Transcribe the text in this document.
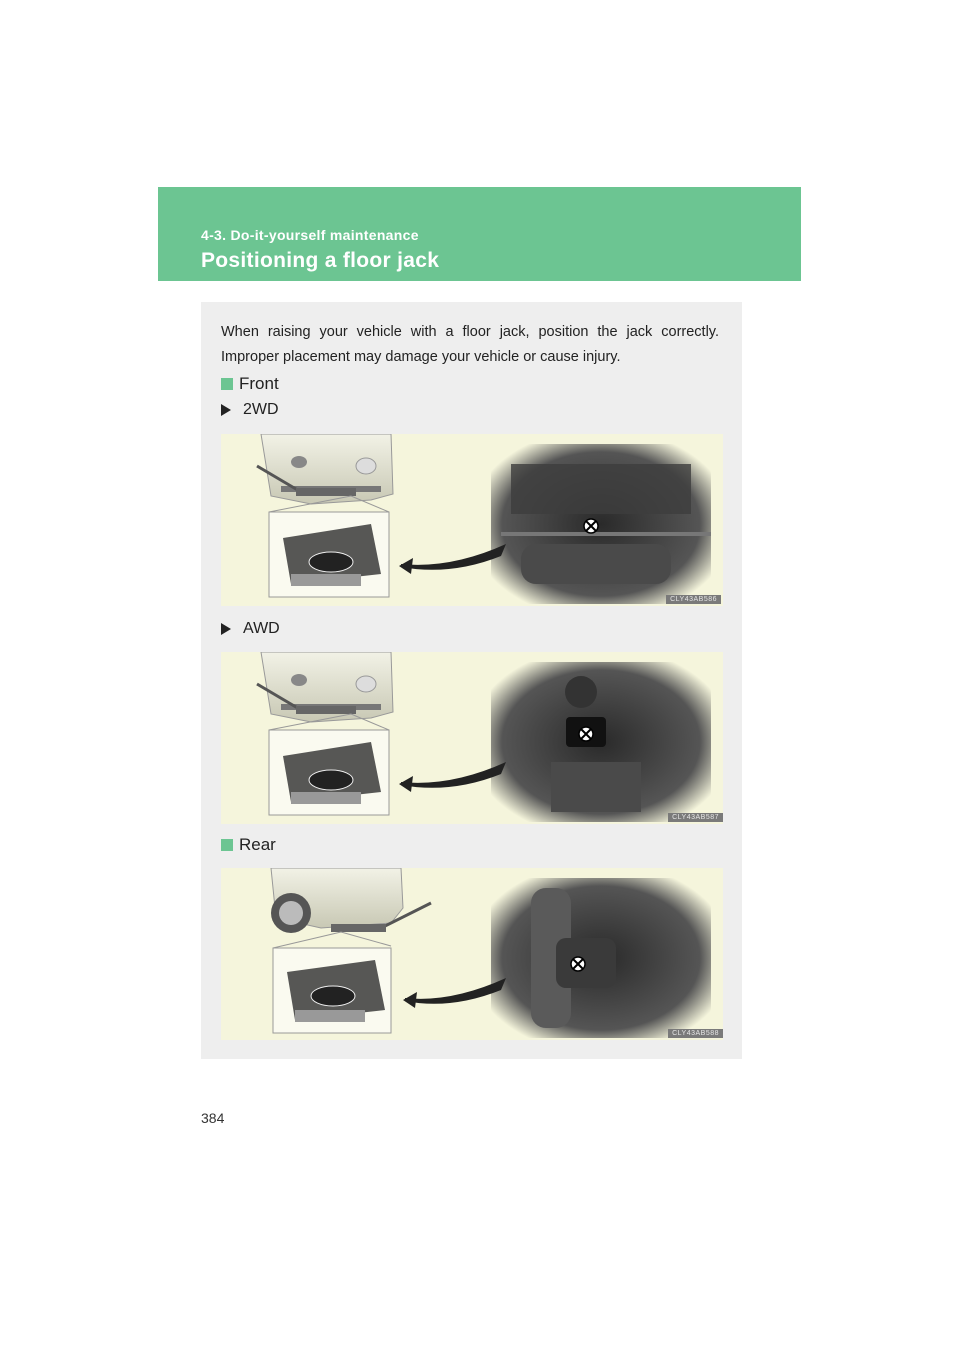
4-3. Do-it-yourself maintenance
Positioning a floor jack
When raising your vehicle with a floor jack, position the jack correctly. Improper placement may damage your vehicle or cause injury.
Front
2WD
CLY43AB586
AWD
CLY43AB587
Rear
CLY43AB588
384
